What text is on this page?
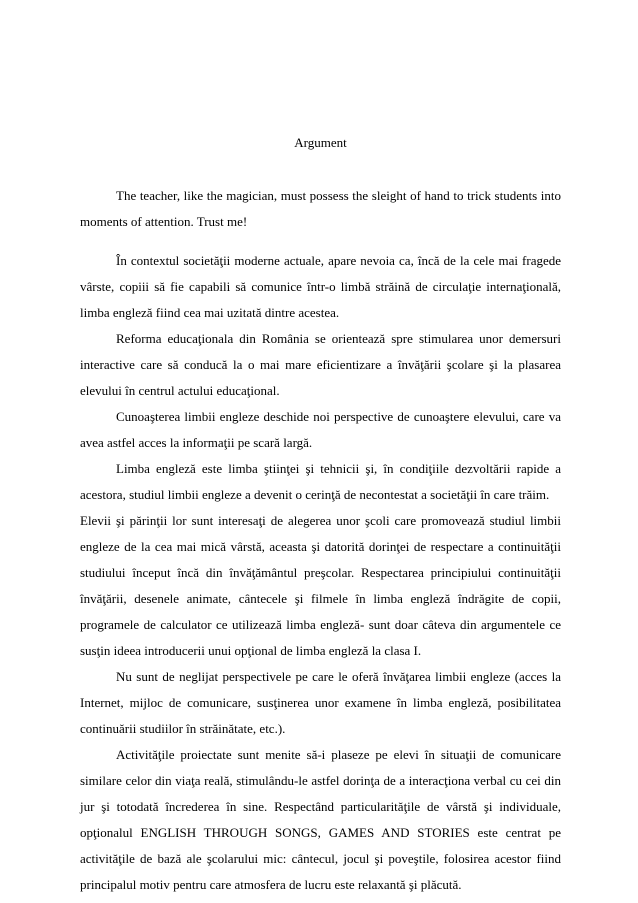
Argument

The teacher, like the magician, must possess the sleight of hand to trick students into moments of attention. Trust me!

În contextul societăţii moderne actuale, apare nevoia ca, încă de la cele mai fragede vârste, copiii să fie capabili să comunice într-o limbă străină de circulaţie internaţională, limba engleză fiind cea mai uzitată dintre acestea.

Reforma educaţionala din România se orientează spre stimularea unor demersuri interactive care să conducă la o mai mare eficientizare a învăţării şcolare şi la plasarea elevului în centrul actului educaţional.

Cunoaşterea limbii engleze deschide noi perspective de cunoaştere elevului, care va avea astfel acces la informaţii pe scară largă.

Limba engleză este limba ştiinţei şi tehnicii şi, în condiţiile dezvoltării rapide a acestora, studiul limbii engleze a devenit o cerinţă de necontestat a societăţii în care trăim.

Elevii şi părinţii lor sunt interesaţi de alegerea unor şcoli care promovează studiul limbii engleze de la cea mai mică vârstă, aceasta şi datorită dorinţei de respectare a continuităţii studiului început încă din învăţământul preşcolar. Respectarea principiului continuităţii învăţării, desenele animate, cântecele şi filmele în limba engleză îndrăgite de copii, programele de calculator ce utilizează limba engleză- sunt doar câteva din argumentele ce susţin ideea introducerii unui opţional de limba engleză la clasa I.

Nu sunt de neglijat perspectivele pe care le oferă învăţarea limbii engleze (acces la Internet, mijloc de comunicare, susţinerea unor examene în limba engleză, posibilitatea continuării studiilor în străinătate, etc.).

Activităţile proiectate sunt menite să-i plaseze pe elevi în situaţii de comunicare similare celor din viaţa reală, stimulându-le astfel dorinţa de a interacţiona verbal cu cei din jur şi totodată încrederea în sine. Respectând particularităţile de vârstă şi individuale, opţionalul ENGLISH THROUGH SONGS, GAMES AND STORIES este centrat pe activităţile de bază ale şcolarului mic: cântecul, jocul şi poveştile, folosirea acestor fiind principalul motiv pentru care atmosfera de lucru este relaxantă şi plăcută.
